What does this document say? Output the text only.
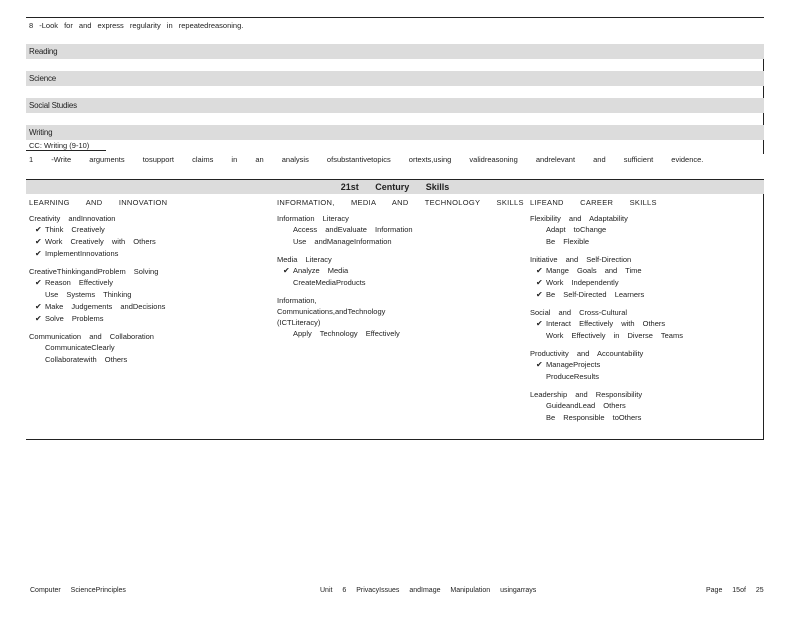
8 -Look for and express regularity in repeatedreasoning.
Reading
Science
Social Studies
Writing
CC: Writing (9-10)
1 -Write arguments tosupport claims in an analysis ofsubstantivetopics ortexts,using validreasoning andrelevant and sufficient evidence.
21st Century Skills
LEARNING AND INNOVATION
Creativity andInnovation
✔ Think Creatively
✔ Work Creatively with Others
✔ ImplementInnovations
CreativeThinkingandProblem Solving
✔ Reason Effectively
Use Systems Thinking
✔ Make Judgements andDecisions
✔ Solve Problems
Communication and Collaboration
CommunicateClearly
Collaboratewith Others
INFORMATION, MEDIA AND TECHNOLOGY SKILLS
Information Literacy
Access andEvaluate Information
Use andManageInformation
Media Literacy
✔ Analyze Media
CreateMediaProducts
Information, Communications,andTechnology (ICTLiteracy)
Apply Technology Effectively
LIFEAND CAREER SKILLS
Flexibility and Adaptability
Adapt toChange
Be Flexible
Initiative and Self-Direction
✔ Mange Goals and Time
✔ Work Independently
✔ Be Self-Directed Learners
Social and Cross-Cultural
✔ Interact Effectively with Others
Work Effectively in Diverse Teams
Productivity and Accountability
✔ ManageProjects
ProduceResults
Leadership and Responsibility
GuideandLead Others
Be Responsible toOthers
Computer SciencePrinciples	Unit 6 PrivacyIssues andImage Manipulation usingarrays	Page 15of 25
